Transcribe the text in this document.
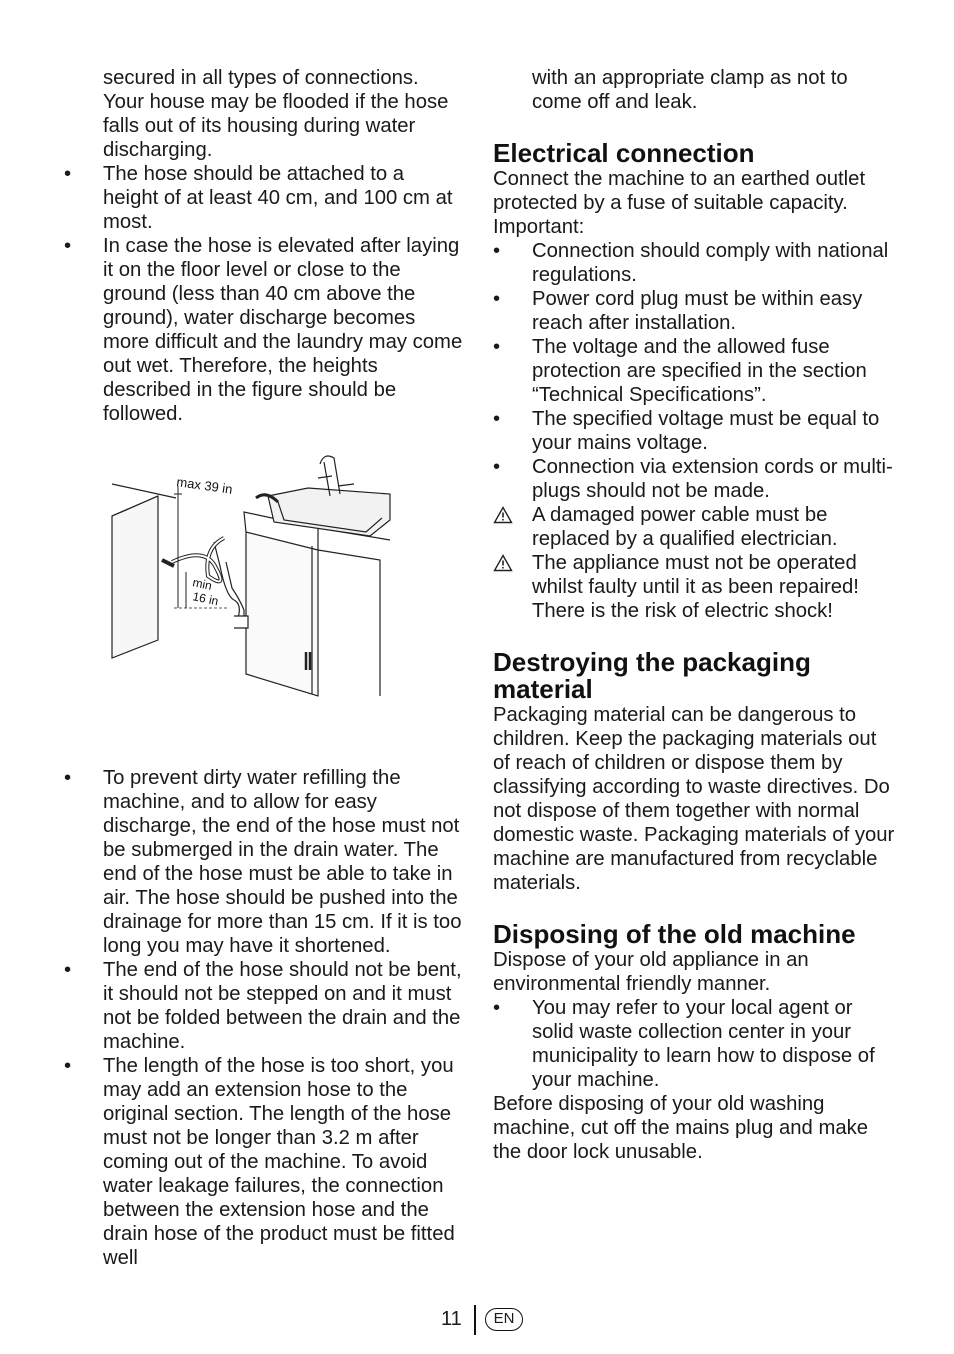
secured in all types of connections. Your house may be flooded if the hose falls out of its housing during water discharging.

•	The hose should be attached to a height of at least 40 cm, and 100 cm at most.
•	In case the hose is elevated after laying it on the floor level or close to the ground (less than 40 cm above the ground), water discharge becomes more difficult and the laundry may come out wet. Therefore, the heights described in the figure should be followed.
max 39 in
min
16 in
•	To prevent dirty water refilling the machine, and to allow for easy discharge, the end of the hose must not be submerged in the drain water. The end of the hose must be able to take in air. The hose should be pushed into the drainage for more than 15 cm. If it is too long you may have it shortened.
•	The end of the hose should not be bent, it should not be stepped on and it must not be folded between the drain and the machine.
•	The length of the hose is too short, you may add an extension hose to the original section. The length of the hose must not be longer than 3.2 m after coming out of the machine. To avoid water leakage failures, the connection between the extension hose and the drain hose of the product must be fitted well

with an appropriate clamp as not to come off and leak.

Electrical connection

Connect the machine to an earthed outlet protected by a fuse of suitable capacity.

Important:

•	Connection should comply with national regulations.
•	Power cord plug must be within easy reach after installation.
•	The voltage and the allowed fuse protection are specified in the section “Technical Specifications”.
•	The specified voltage must be equal to your mains voltage.
•	Connection via extension cords or multi-plugs should not be made.
A damaged power cable must be replaced by a qualified electrician.
The appliance must not be operated whilst faulty until it as been repaired! There is the risk of electric shock!
Destroying the packaging material

Packaging material can be dangerous to children. Keep the packaging materials out of reach of children or dispose them by classifying according to waste directives. Do not dispose of them together with normal domestic waste. Packaging materials of your machine are manufactured from recyclable materials.

Disposing of the old machine

Dispose of your old appliance in an environmental friendly manner.

•	You may refer to your local agent or solid waste collection center in your municipality to learn how to dispose of your machine.

Before disposing of your old washing machine, cut off the mains plug and make the door lock unusable.

11	EN
